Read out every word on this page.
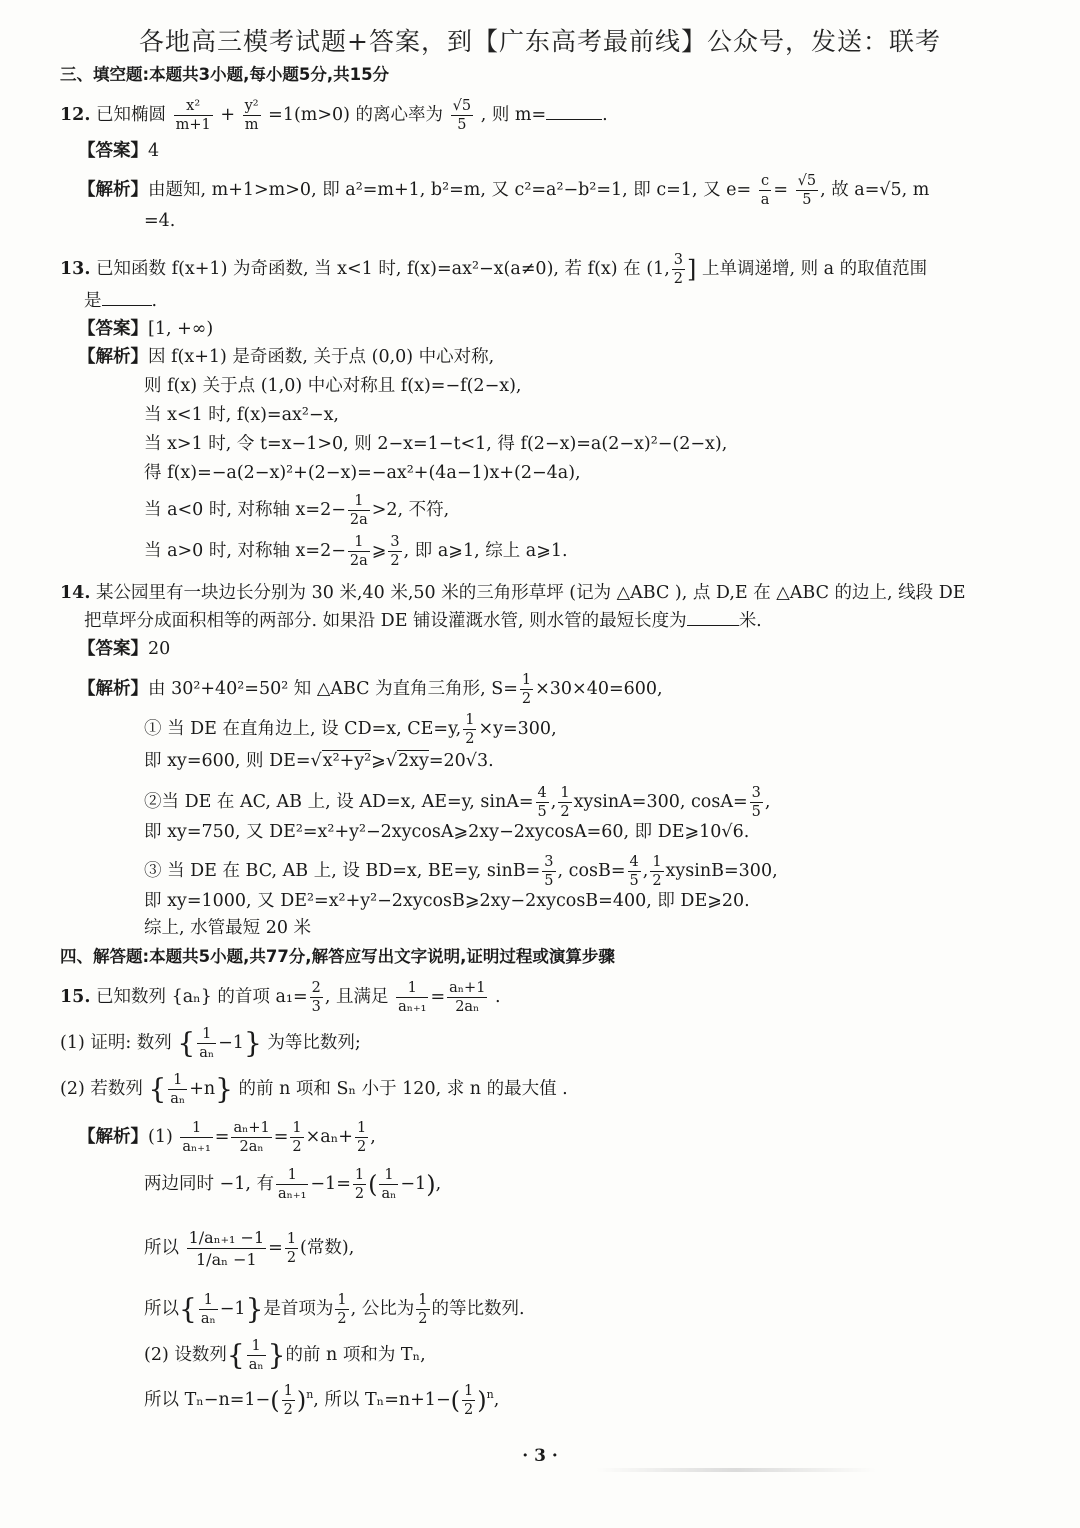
各地高三模考试题+答案，到【广东高考最前线】公众号，发送：联考
三、填空题:本题共3小题,每小题5分,共15分
12. 已知椭圆 $\frac{\text{x²}}{m+1} + \frac{\text{y²}}{m} =1(m>0)$ 的离心率为 $\frac{√5}{5}$ , 则 m=	.
【答案】4
【解析】由题知, m+1>m>0, 即 a²=m+1, b²=m, 又 c²=a²−b²=1, 即 c=1, 又 $e= \frac{c}{a} = \frac{√5}{5}$ , 故 a=√5, m
=4.
13. 已知函数 f(x+1) 为奇函数, 当 x<1 时, f(x)=ax²−x(a≠0), 若 f(x) 在 (1, $\frac{3}{2}$ ] 上单调递增, 则 a 的取值范围
是	.
【答案】[1, +∞)
【解析】因 f(x+1) 是奇函数, 关于点 (0,0) 中心对称,
则 f(x) 关于点 (1,0) 中心对称且 f(x)=−f(2−x),
当 x<1 时, f(x)=ax²−x,
当 x>1 时, 令 t=x−1>0, 则 2−x=1−t<1, 得 f(2−x)=a(2−x)²−(2−x),
得 f(x)=−a(2−x)²+(2−x)=−ax²+(4a−1)x+(2−4a),
当 a<0 时, 对称轴 $x=2- \frac{1}{2a} >2$, 不符,
当 a>0 时, 对称轴 $x=2- \frac{1}{2a}$ ⩾ $\frac{3}{2}$ , 即 a⩾1, 综上 a⩾1.
14. 某公园里有一块边长分别为 30 米,40 米,50 米的三角形草坪 (记为 △ABC ), 点 D,E 在 △ABC 的边上, 线段 DE
把草坪分成面积相等的两部分. 如果沿 DE 铺设灌溉水管, 则水管的最短长度为	米.
【答案】20
【解析】由 30²+40²=50² 知 △ABC 为直角三角形, $S= \frac{1}{2} \times 30\times 40=600$,
① 当 DE 在直角边上, 设 CD=x, CE=y, $\frac{1}{2} \times y=300$,
即 xy=600, 则 DE=√x²+y²⩾√2xy=20√3.
②当 DE 在 AC, AB 上, 设 AD=x, AE=y, $\sin A= \frac{4}{5}$ , $\frac{1}{2} xysinA=300$, $\cos A= \frac{3}{5}$ ,
即 xy=750, 又 DE²=x²+y²−2xycosA⩾2xy−2xycosA=60, 即 DE⩾10√6.
③ 当 DE 在 BC, AB 上, 设 BD=x, BE=y, $\sin B= \frac{3}{5}$ , $\cos B= \frac{4}{5}$ , $\frac{1}{2} xysinB=300$,
即 xy=1000, 又 DE²=x²+y²−2xycosB⩾2xy−2xycosB=400, 即 DE⩾20.
综上, 水管最短 20 米
四、解答题:本题共5小题,共77分,解答应写出文字说明,证明过程或演算步骤
15. 已知数列 {aₙ} 的首项 $a_1= \frac{2}{3}$ , 且满足 $\frac{1}{\text{aₙ₊₁}} = \frac{\text{aₙ+1}}{\text{2aₙ}}$ .
(1) 证明: 数列 { $\frac{1}{\text{aₙ}} -1$} 为等比数列;
(2) 若数列 { $\frac{1}{\text{aₙ}} +n$} 的前 n 项和 Sₙ 小于 120, 求 n 的最大值 .
【解析】$(1) \frac{1}{\text{aₙ₊₁}} = \frac{\text{aₙ+1}}{\text{2aₙ}} = \frac{1}{2} \times a_n+ \frac{1}{2}$ ,
两边同时 −1, 有 $\frac{1}{\text{aₙ₊₁}} -1= \frac{1}{2}$ ( $\frac{1}{\text{aₙ}} -1$),
所以 $\frac{\text{1/aₙ₊₁ −1}}{\text{1/aₙ −1}} = \frac{1}{2}$ (常数),
所以{ $\frac{1}{\text{aₙ}} -1$}是首项为 $\frac{1}{2}$ , 公比为 $\frac{1}{2}$ 的等比数列.
(2) 设数列{ $\frac{1}{\text{aₙ}}$ }的前 n 项和为 Tₙ,
所以 $T_n-n=1-( \frac{1}{2} )^n$, 所以 $T_n=n+1-( \frac{1}{2} )^n$,
· 3 ·
